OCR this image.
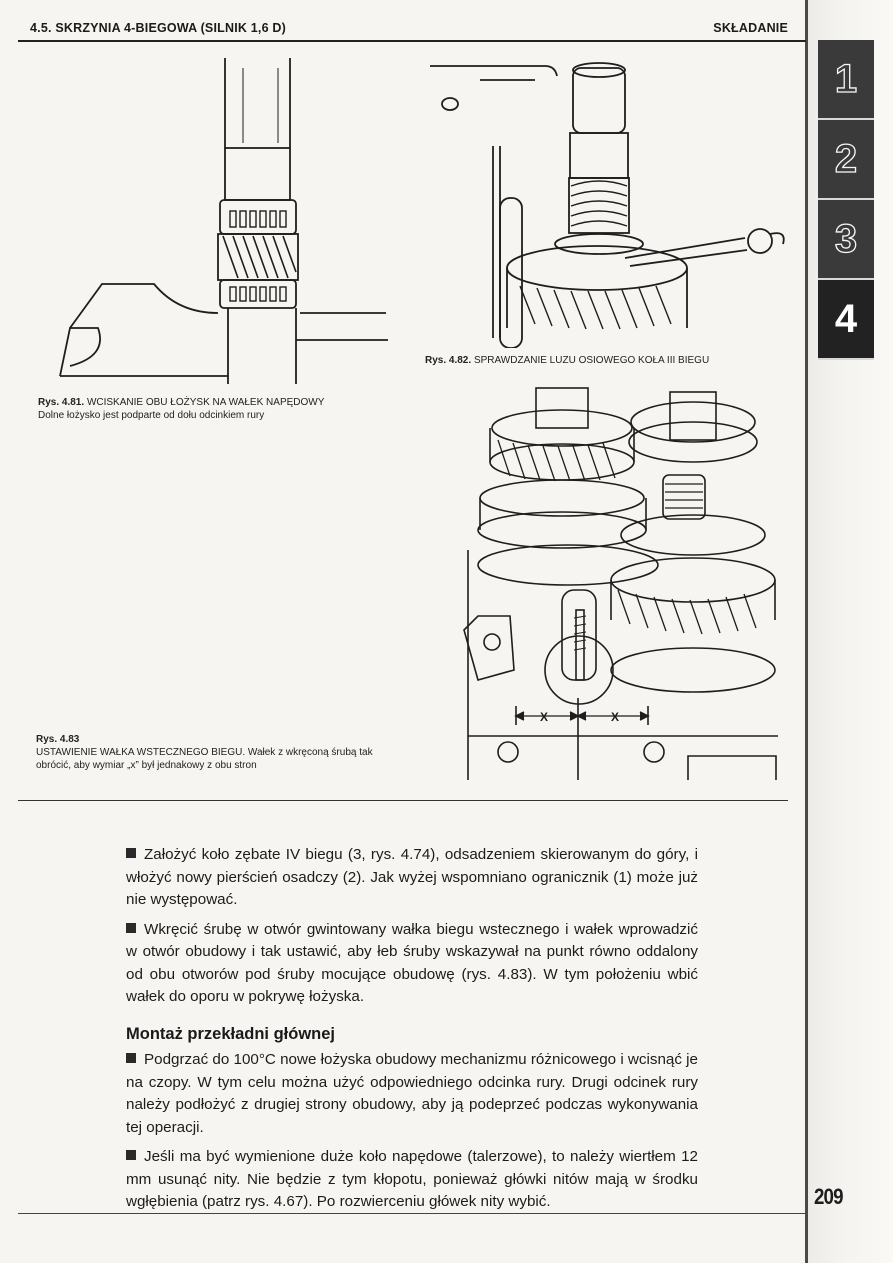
4.5. SKRZYNIA 4-BIEGOWA (SILNIK 1,6 D)	SKŁADANIE
1
2
3
4
Rys. 4.81. WCISKANIE OBU ŁOŻYSK NA WAŁEK NAPĘDOWY
Dolne łożysko jest podparte od dołu odcinkiem rury
Rys. 4.82. SPRAWDZANIE LUZU OSIOWEGO KOŁA III BIEGU
X	X
Rys. 4.83
USTAWIENIE WAŁKA WSTECZNEGO BIEGU. Wałek z wkręconą śrubą tak
obrócić, aby wymiar „x” był jednakowy z obu stron

Założyć koło zębate IV biegu (3, rys. 4.74), odsadzeniem skierowanym do góry, i włożyć nowy pierścień osadczy (2). Jak wyżej wspomniano ogranicznik (1) może już nie występować.

Wkręcić śrubę w otwór gwintowany wałka biegu wstecznego i wałek wprowadzić w otwór obudowy i tak ustawić, aby łeb śruby wskazywał na punkt równo oddalony od obu otworów pod śruby mocujące obudowę (rys. 4.83). W tym położeniu wbić wałek do oporu w pokrywę łożyska.

Montaż przekładni głównej

Podgrzać do 100°C nowe łożyska obudowy mechanizmu różnicowego i wcisnąć je na czopy. W tym celu można użyć odpowiedniego odcinka rury. Drugi odcinek rury należy podłożyć z drugiej strony obudowy, aby ją podeprzeć podczas wykonywania tej operacji.

Jeśli ma być wymienione duże koło napędowe (talerzowe), to należy wiertłem 12 mm usunąć nity. Nie będzie z tym kłopotu, ponieważ główki nitów mają w środku wgłębienia (patrz rys. 4.67). Po rozwierceniu główek nity wybić.	209
